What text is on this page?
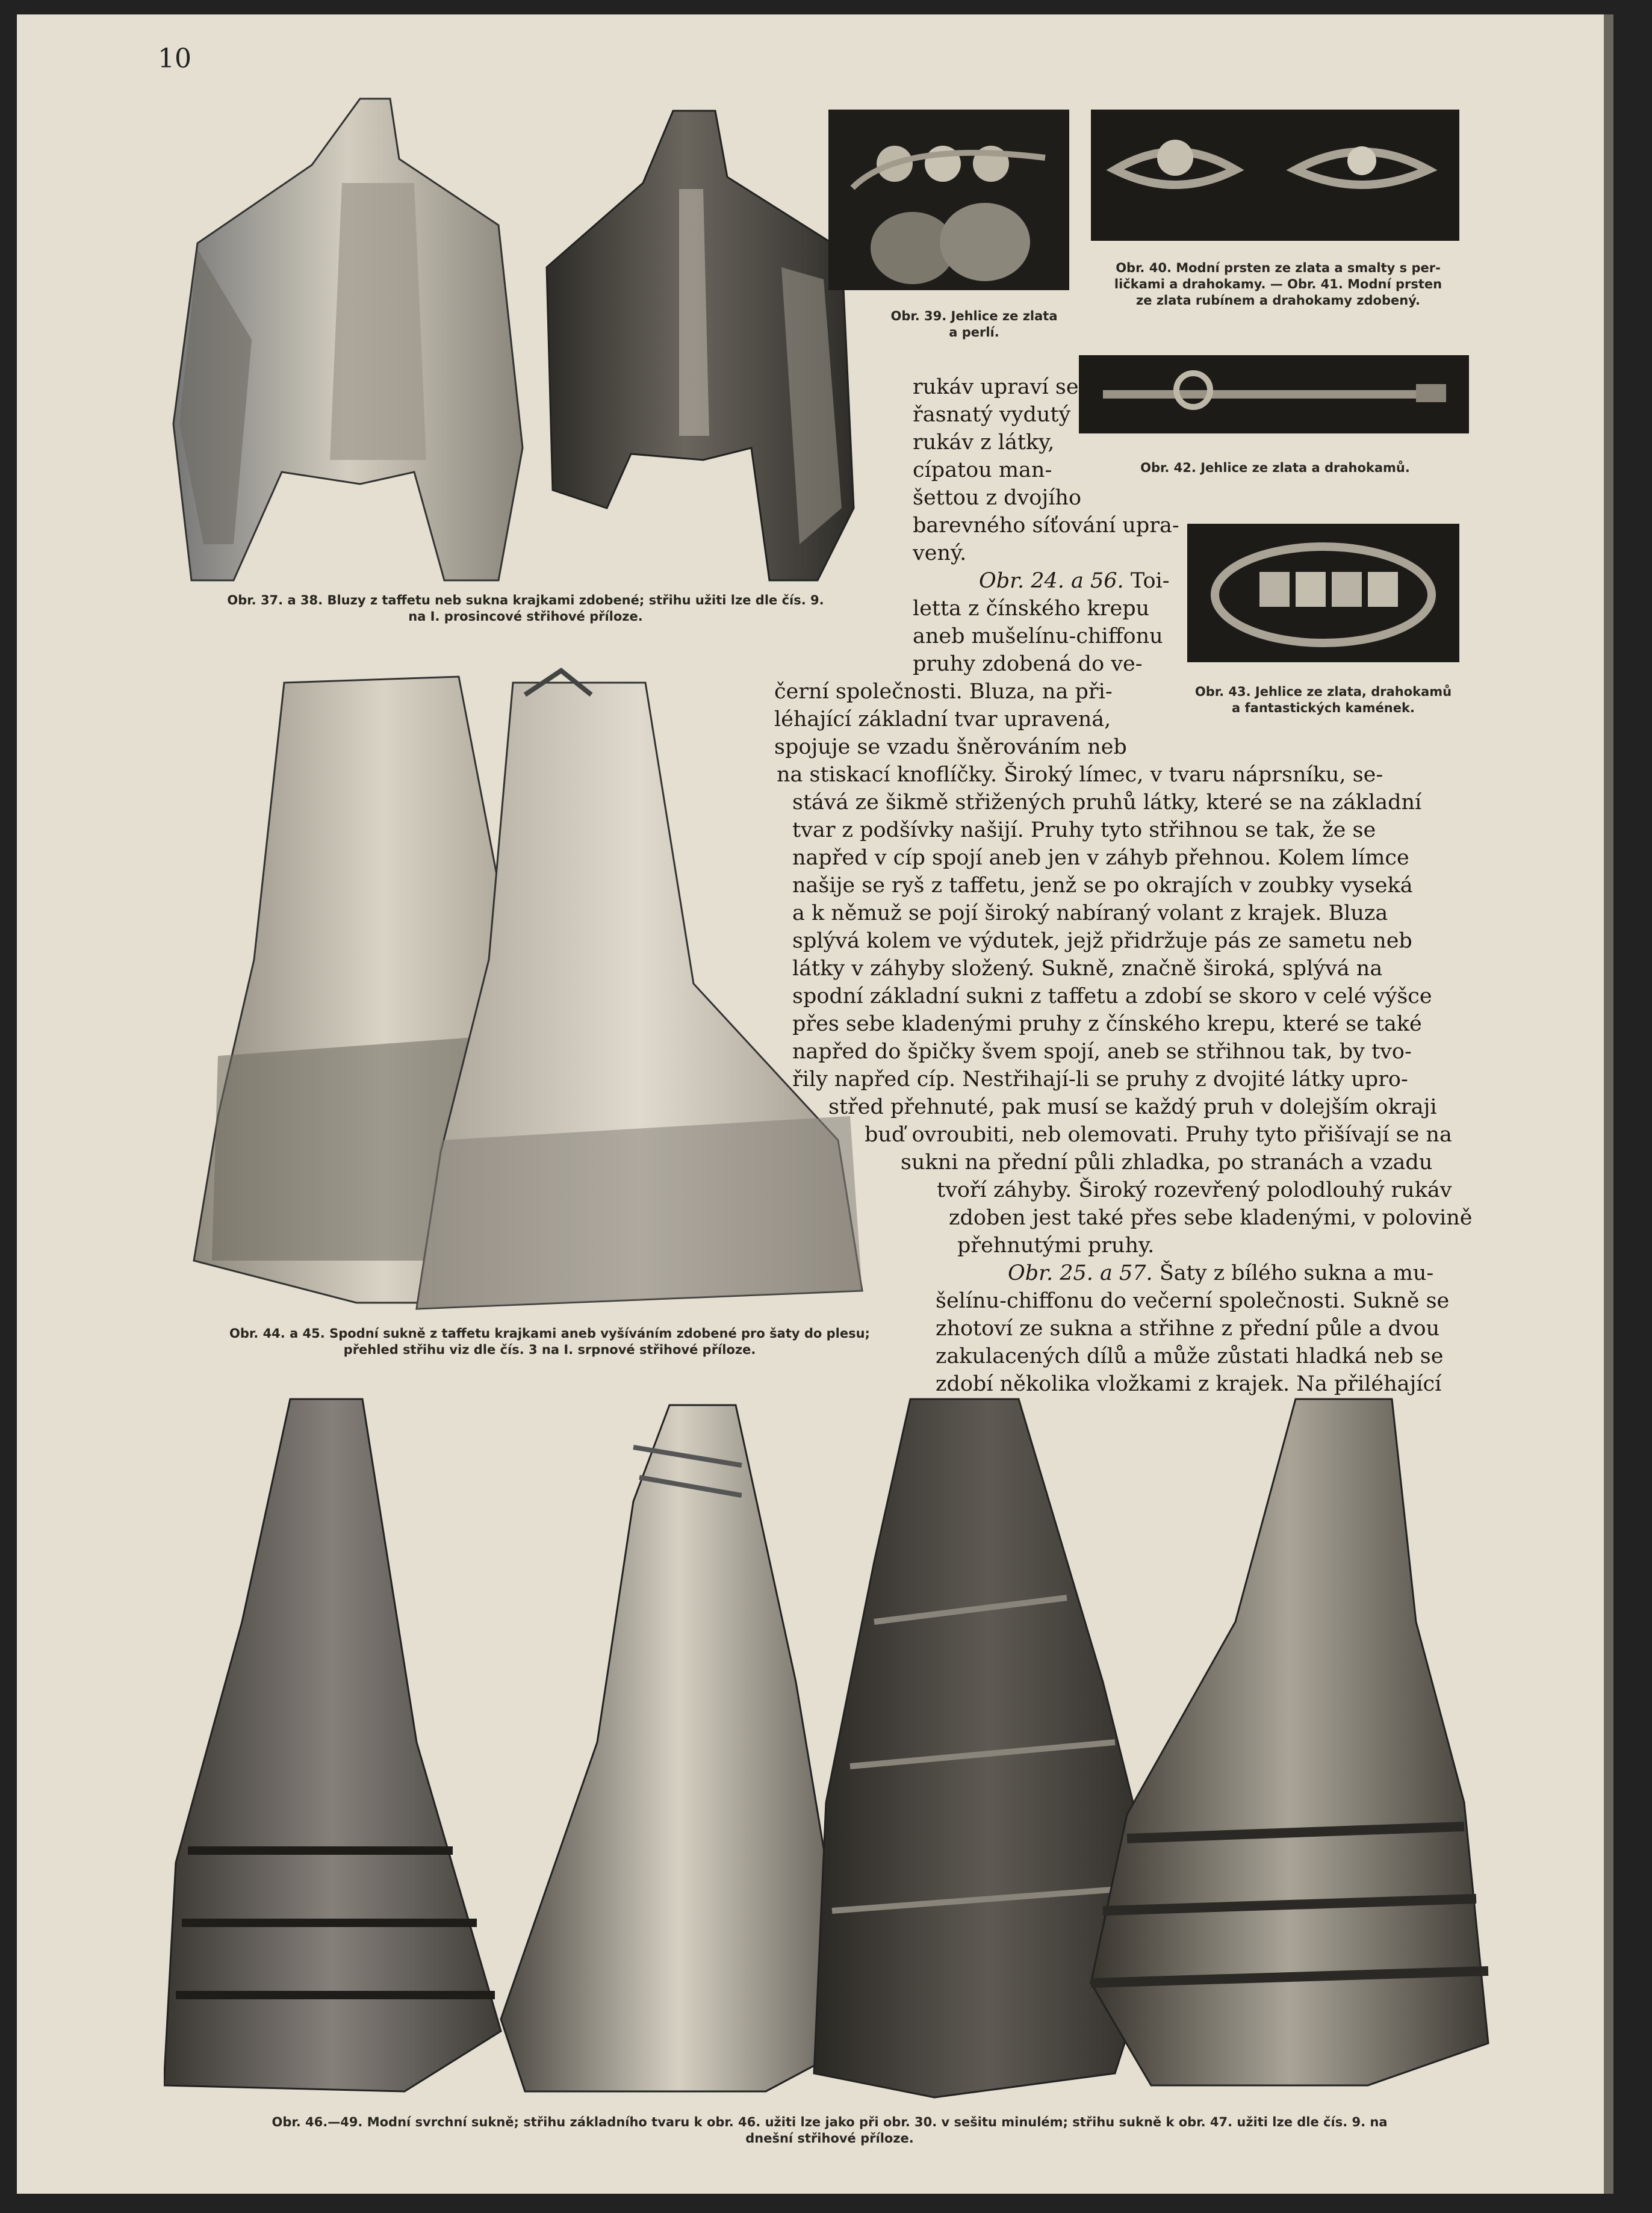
10
Obr. 37. a 38. Bluzy z taffetu neb sukna krajkami zdobené; střihu užiti lze dle čís. 9.
na I. prosincové střihové příloze.
Obr. 39. Jehlice ze zlata
a perlí.
Obr. 40. Modní prsten ze zlata a smalty s per-
ličkami a drahokamy. — Obr. 41. Modní prsten
ze zlata rubínem a drahokamy zdobený.
Obr. 42. Jehlice ze zlata a drahokamů.
Obr. 43. Jehlice ze zlata, drahokamů
a fantastických kamének.
Obr. 44. a 45. Spodní sukně z taffetu krajkami aneb vyšíváním zdobené pro šaty do plesu;
přehled střihu viz dle čís. 3 na I. srpnové střihové příloze.
rukáv upraví se
řasnatý vydutý
rukáv z látky,
cípatou man-
šettou z dvojího
barevného síťování upra-
vený.
Obr. 24. a 56. Toi-
letta z čínského krepu
aneb mušelínu-chiffonu
pruhy zdobená do ve-
černí společnosti. Bluza, na při-
léhající základní tvar upravená,
spojuje se vzadu šněrováním neb
na stiskací knoflíčky. Široký límec, v tvaru náprsníku, se-
stává ze šikmě střižených pruhů látky, které se na základní
tvar z podšívky našijí. Pruhy tyto střihnou se tak, že se
napřed v cíp spojí aneb jen v záhyb přehnou. Kolem límce
našije se ryš z taffetu, jenž se po okrajích v zoubky vyseká
a k němuž se pojí široký nabíraný volant z krajek. Bluza
splývá kolem ve výdutek, jejž přidržuje pás ze sametu neb
látky v záhyby složený. Sukně, značně široká, splývá na
spodní základní sukni z taffetu a zdobí se skoro v celé výšce
přes sebe kladenými pruhy z čínského krepu, které se také
napřed do špičky švem spojí, aneb se střihnou tak, by tvo-
řily napřed cíp. Nestřihají-li se pruhy z dvojité látky upro-
střed přehnuté, pak musí se každý pruh v dolejším okraji
buď ovroubiti, neb olemovati. Pruhy tyto přišívají se na
sukni na přední půli zhladka, po stranách a vzadu
tvoří záhyby. Široký rozevřený polodlouhý rukáv
zdoben jest také přes sebe kladenými, v polovině
přehnutými pruhy.
Obr. 25. a 57. Šaty z bílého sukna a mu-
šelínu-chiffonu do večerní společnosti. Sukně se
zhotoví ze sukna a střihne z přední půle a dvou
zakulacených dílů a může zůstati hladká neb se
zdobí několika vložkami z krajek. Na přiléhající
Obr. 46.—49. Modní svrchní sukně; střihu základního tvaru k obr. 46. užiti lze jako při obr. 30. v sešitu minulém; střihu sukně k obr. 47. užiti lze dle čís. 9. na
dnešní střihové příloze.
